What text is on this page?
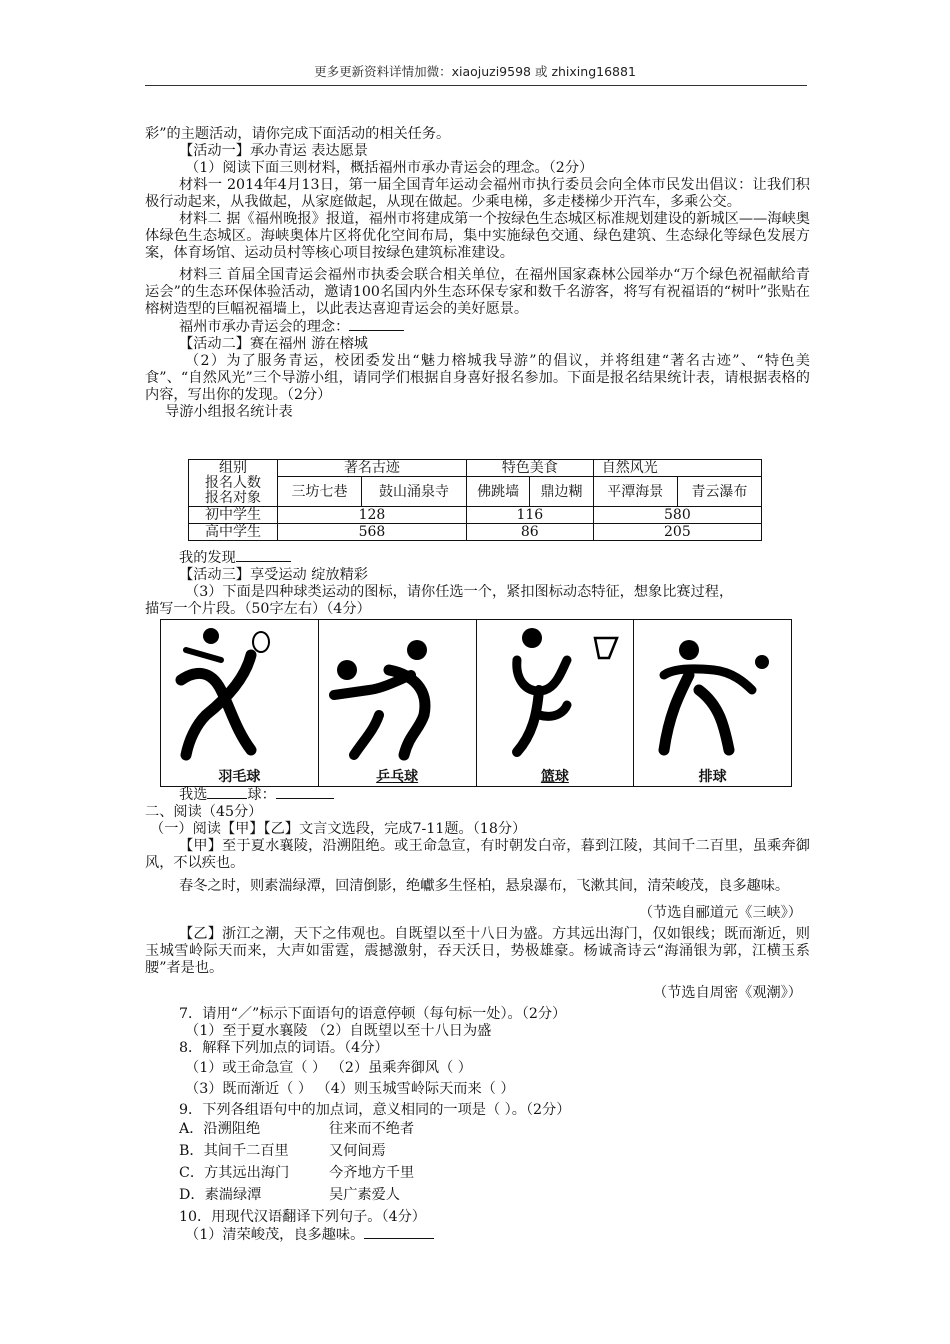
更多更新资料详情加微：xiaojuzi9598 或 zhixing16881

彩”的主题活动，请你完成下面活动的相关任务。

【活动一】承办青运 表达愿景

（1）阅读下面三则材料，概括福州市承办青运会的理念。（2分）

材料一 2014年4月13日，第一届全国青年运动会福州市执行委员会向全体市民发出倡议：让我们积极行动起来，从我做起，从家庭做起，从现在做起。少乘电梯，多走楼梯少开汽车，多乘公交。

材料二 据《福州晚报》报道，福州市将建成第一个按绿色生态城区标准规划建设的新城区——海峡奥体绿色生态城区。海峡奥体片区将优化空间布局，集中实施绿色交通、绿色建筑、生态绿化等绿色发展方案，体育场馆、运动员村等核心项目按绿色建筑标准建设。

材料三 首届全国青运会福州市执委会联合相关单位，在福州国家森林公园举办“万个绿色祝福献给青运会”的生态环保体验活动，邀请100名国内外生态环保专家和数千名游客，将写有祝福语的“树叶”张贴在榕树造型的巨幅祝福墙上，以此表达喜迎青运会的美好愿景。

福州市承办青运会的理念：

【活动二】赛在福州 游在榕城

（2）为了服务青运，校团委发出“魅力榕城我导游”的倡议，并将组建“著名古迹”、“特色美食”、“自然风光”三个导游小组，请同学们根据自身喜好报名参加。下面是报名结果统计表，请根据表格的内容，写出你的发现。（2分）

导游小组报名统计表

组别
报名人数
报名对象	著名古迹		特色美食		自然风光	
	三坊七巷	鼓山涌泉寺	佛跳墙	鼎边糊	平潭海景	青云瀑布
初中学生	128		116		580	
高中学生	568		86		205	

我的发现

【活动三】享受运动 绽放精彩

（3）下面是四种球类运动的图标，请你任选一个，紧扣图标动态特征，想象比赛过程，

描写一个片段。（50字左右）（4分）

羽毛球	乒乓球	篮球	排球

我选	球：

二、阅读（45分）

（一）阅读【甲】【乙】文言文选段，完成7-11题。（18分）

【甲】至于夏水襄陵，沿溯阻绝。或王命急宣，有时朝发白帝，暮到江陵，其间千二百里，虽乘奔御风，不以疾也。

春冬之时，则素湍绿潭，回清倒影，绝巘多生怪柏，悬泉瀑布，飞漱其间，清荣峻茂，良多趣味。

（节选自郦道元《三峡》）

【乙】浙江之潮，天下之伟观也。自既望以至十八日为盛。方其远出海门，仅如银线；既而渐近，则玉城雪岭际天而来，大声如雷霆，震撼激射，吞天沃日，势极雄豪。杨诚斋诗云“海涌银为郭，江横玉系腰”者是也。

（节选自周密《观潮》）

7．请用“／”标示下面语句的语意停顿（每句标一处）。（2分）

（1）至于夏水襄陵 （2）自既望以至十八日为盛

8．解释下列加点的词语。（4分）

（1）或王命急宣（ ） （2）虽乘奔御风（ ）

（3）既而渐近（ ） （4）则玉城雪岭际天而来（ ）

9．下列各组语句中的加点词，意义相同的一项是（ ）。（2分）

A．沿溯阻绝	往来而不绝者

B．其间千二百里	又何间焉

C．方其远出海门	今齐地方千里

D．素湍绿潭	吴广素爱人

10．用现代汉语翻译下列句子。（4分）

（1）清荣峻茂，良多趣味。
